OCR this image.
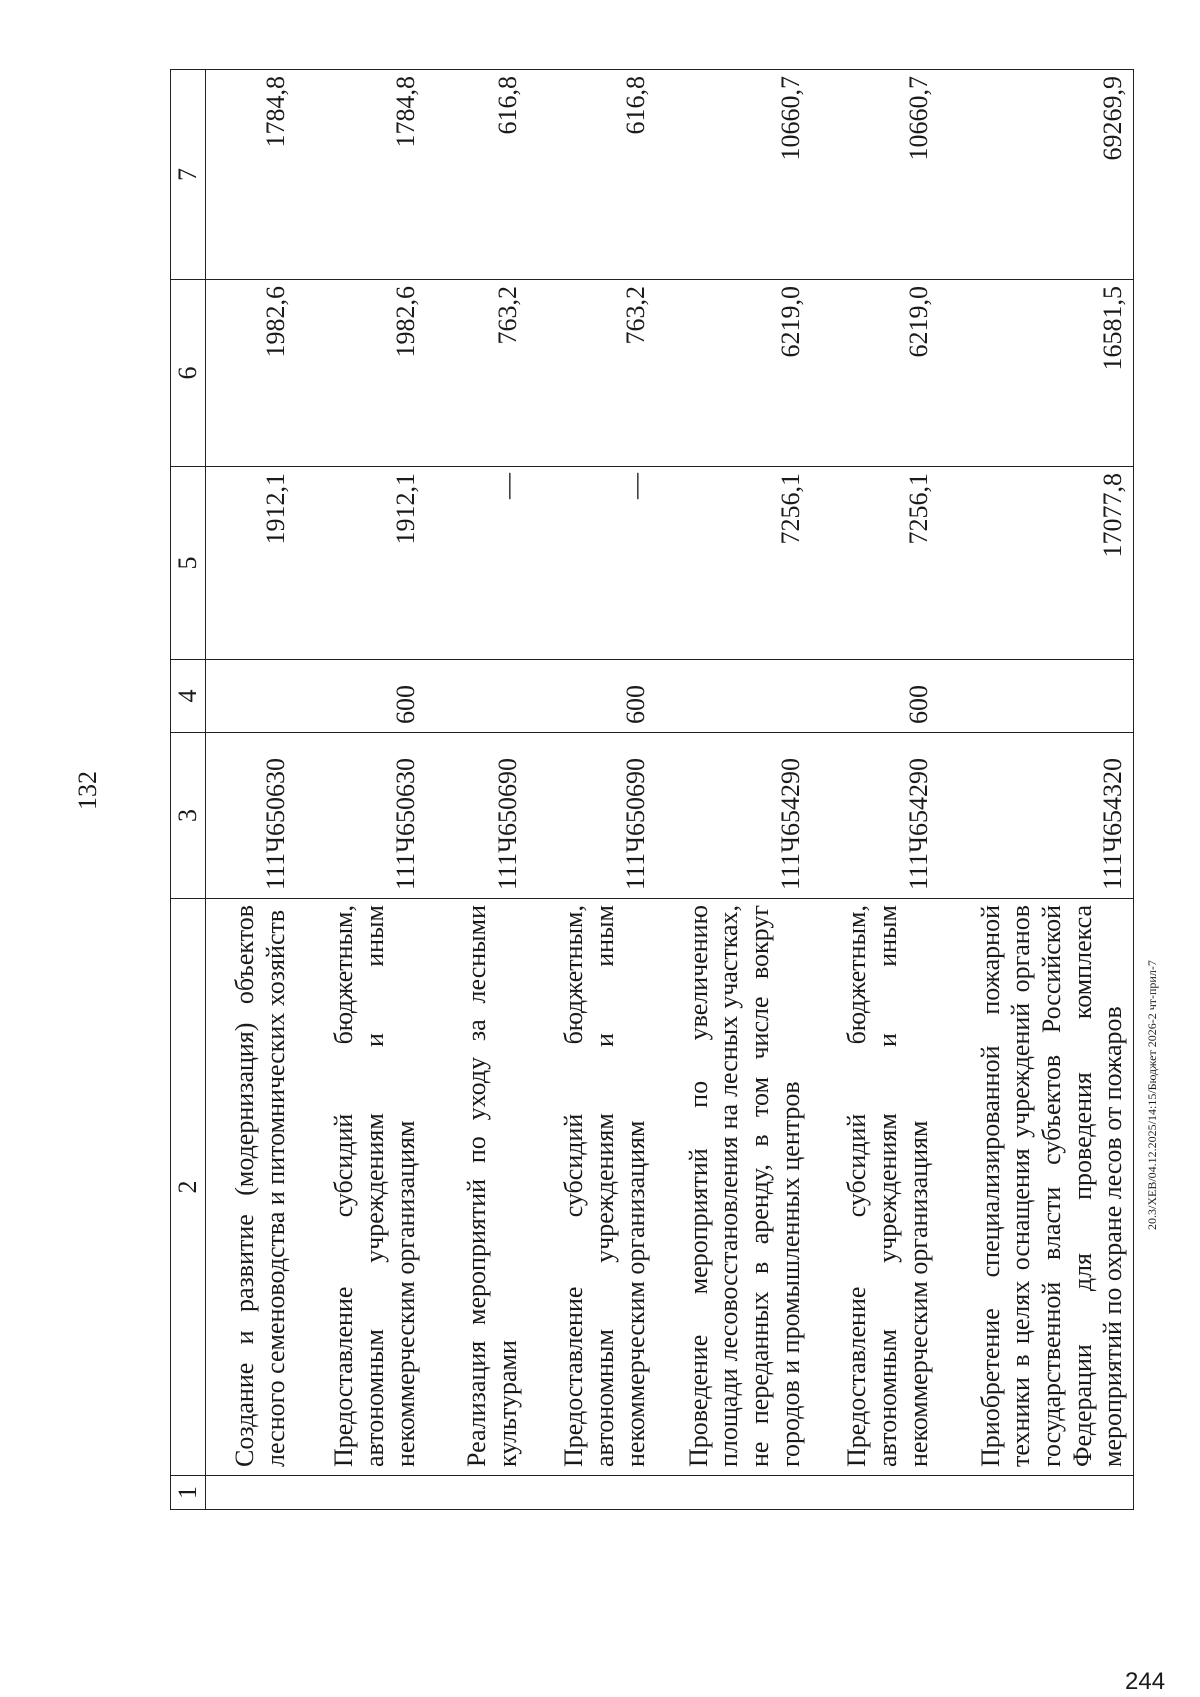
132
1	2	3	4	5	6	7
	Создание и развитие (модернизация) объектов лесного семеноводства и питомнических хозяйств	111Ч650630		1912,1	1982,6	1784,8
	Предоставление субсидий бюджетным, автономным учреждениям и иным некоммерческим организациям	111Ч650630	600	1912,1	1982,6	1784,8
	Реализация мероприятий по уходу за лесными культурами	111Ч650690		—	763,2	616,8
	Предоставление субсидий бюджетным, автономным учреждениям и иным некоммерческим организациям	111Ч650690	600	—	763,2	616,8
	Проведение мероприятий по увеличению площади лесовосстановления на лесных участках, не переданных в аренду, в том числе вокруг городов и промышленных центров	111Ч654290		7256,1	6219,0	10660,7
	Предоставление субсидий бюджетным, автономным учреждениям и иным некоммерческим организациям	111Ч654290	600	7256,1	6219,0	10660,7
	Приобретение специализированной пожарной техники в целях оснащения учреждений органов государственной власти субъектов Российской Федерации для проведения комплекса мероприятий по охране лесов от пожаров	111Ч654320		17077,8	16581,5	69269,9
20.3/XEB/04.12.2025/14:15/Бюджет 2026-2 чт-прил-7
244
